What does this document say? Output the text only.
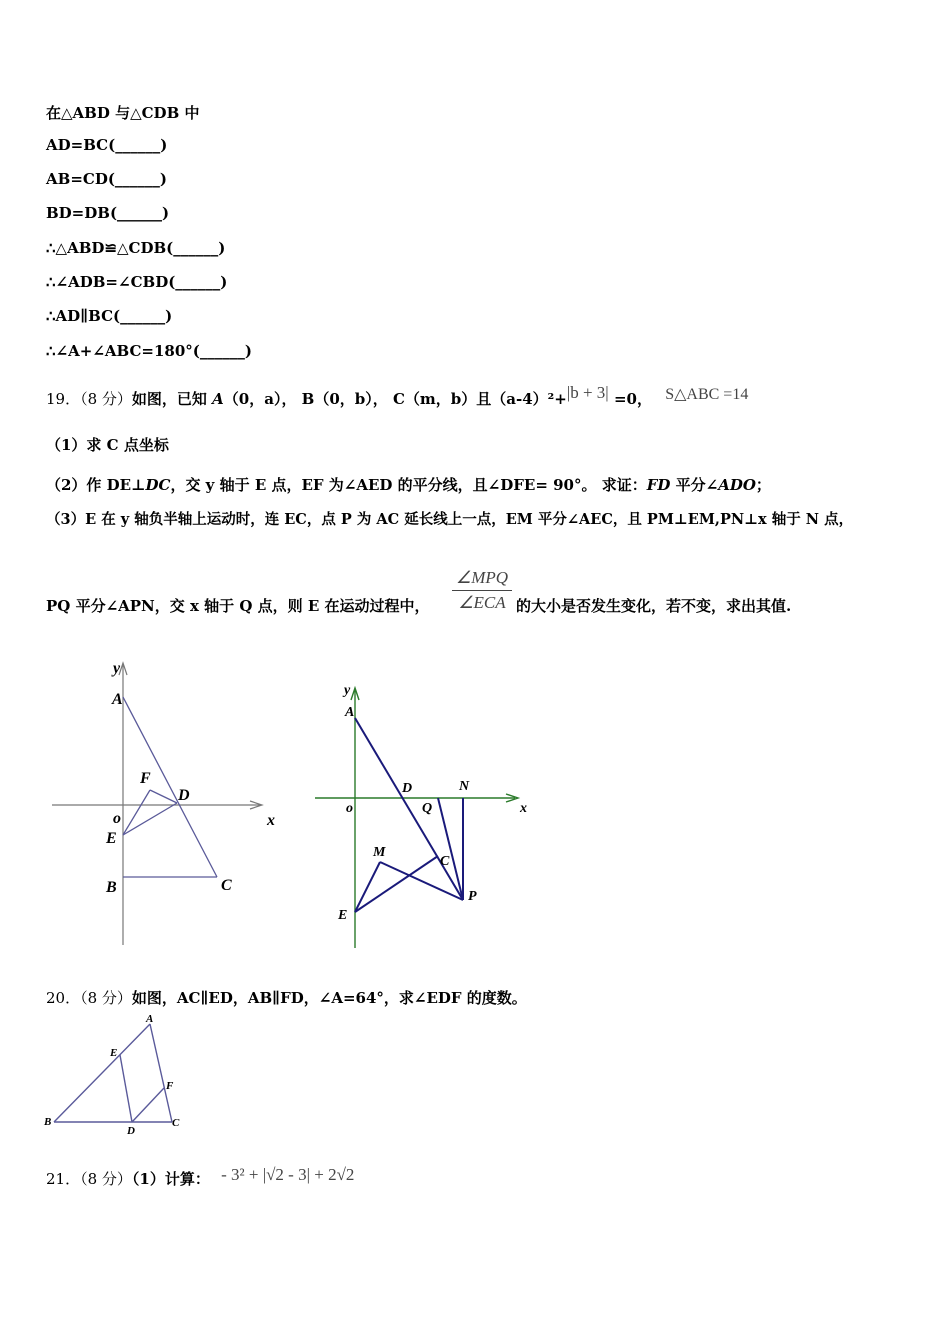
在△ABD 与△CDB 中
AD=BC(______)
AB=CD(______)
BD=DB(______)
∴△ABD≌△CDB(______)
∴∠ADB=∠CBD(______)
∴AD∥BC(______)
∴∠A+∠ABC=180°(______)
19．（8 分）如图，已知 A（0，a）， B（0，b）， C（m，b）且（a-4）²+|b + 3| =0， S△ABC =14
（1）求 C 点坐标
（2）作 DE⊥DC，交 y 轴于 E 点，EF 为∠AED 的平分线，且∠DFE= 90°。 求证：FD 平分∠ADO；
（3）E 在 y 轴负半轴上运动时，连 EC，点 P 为 AC 延长线上一点，EM 平分∠AEC，且 PM⊥EM,PN⊥x 轴于 N 点，
PQ 平分∠APN，交 x 轴于 Q 点，则 E 在运动过程中，
∠MPQ
∠ECA 的大小是否发生变化，若不变，求出其值.
y
A
F
D
x
o
E
B	C
y
A
D	N
o	Q	x
M
C
E
P
20．（8 分）如图，AC∥ED，AB∥FD，∠A=64°，求∠EDF 的度数。
A
E
F
B
D
C
21．（8 分）（1）计算： - 3² + |√2 - 3| + 2√2
